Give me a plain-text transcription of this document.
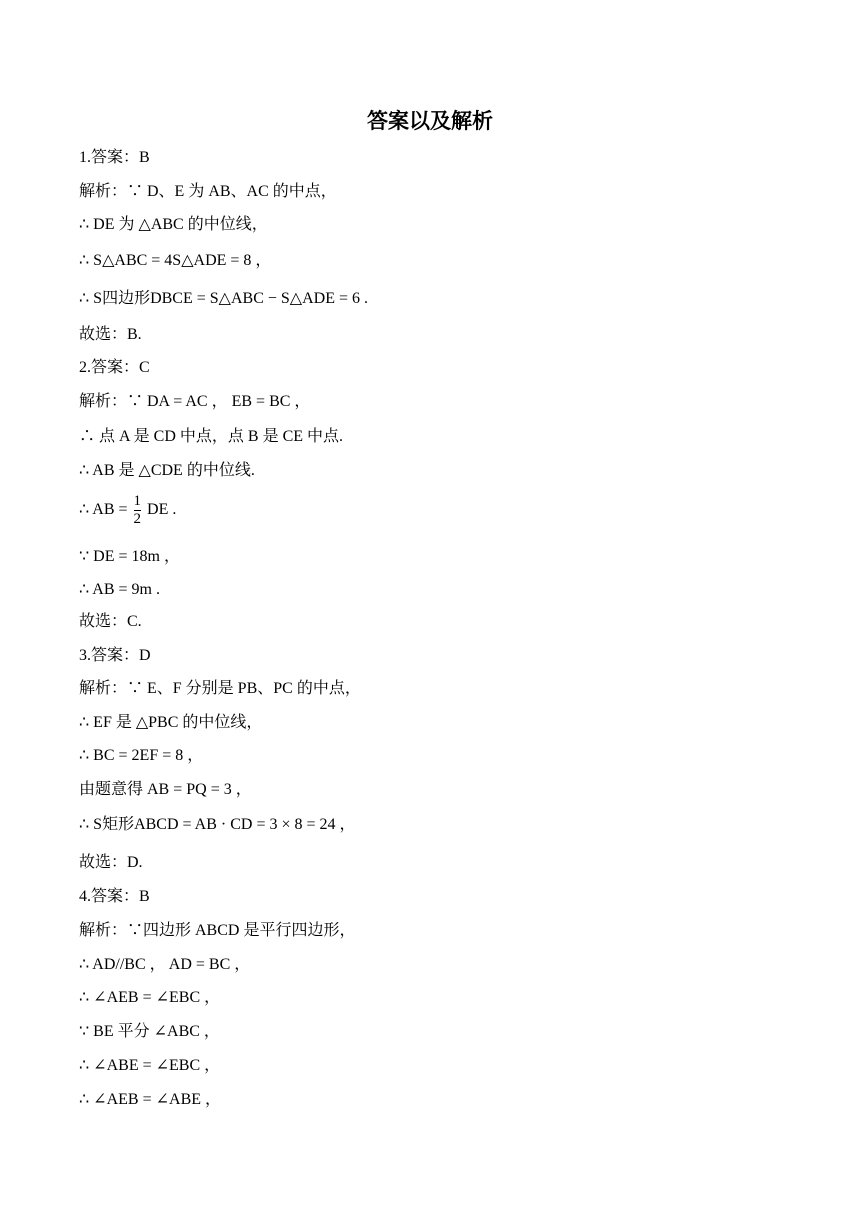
答案以及解析
1.答案：B
解析：∵ D、E 为 AB、AC 的中点，
∴ DE 为 △ABC 的中位线，
∴ S△ABC = 4S△ADE = 8 ，
∴ S四边形DBCE = S△ABC − S△ADE = 6 .
故选：B.
2.答案：C
解析：∵ DA = AC ， EB = BC ，
∴ 点 A 是 CD 中点，点 B 是 CE 中点.
∴ AB 是 △CDE 的中位线.
∴ AB = $\frac{1}{2}$ DE .
∵ DE = 18m ，
∴ AB = 9m .
故选：C.
3.答案：D
解析：∵ E、F 分别是 PB、PC 的中点，
∴ EF 是 △PBC 的中位线，
∴ BC = 2EF = 8 ，
由题意得 AB = PQ = 3 ，
∴ S矩形ABCD = AB · CD = 3 × 8 = 24 ，
故选：D.
4.答案：B
解析：∵四边形 ABCD 是平行四边形，
∴ AD//BC ， AD = BC ，
∴ ∠AEB = ∠EBC ，
∵ BE 平分 ∠ABC ，
∴ ∠ABE = ∠EBC ，
∴ ∠AEB = ∠ABE ，
